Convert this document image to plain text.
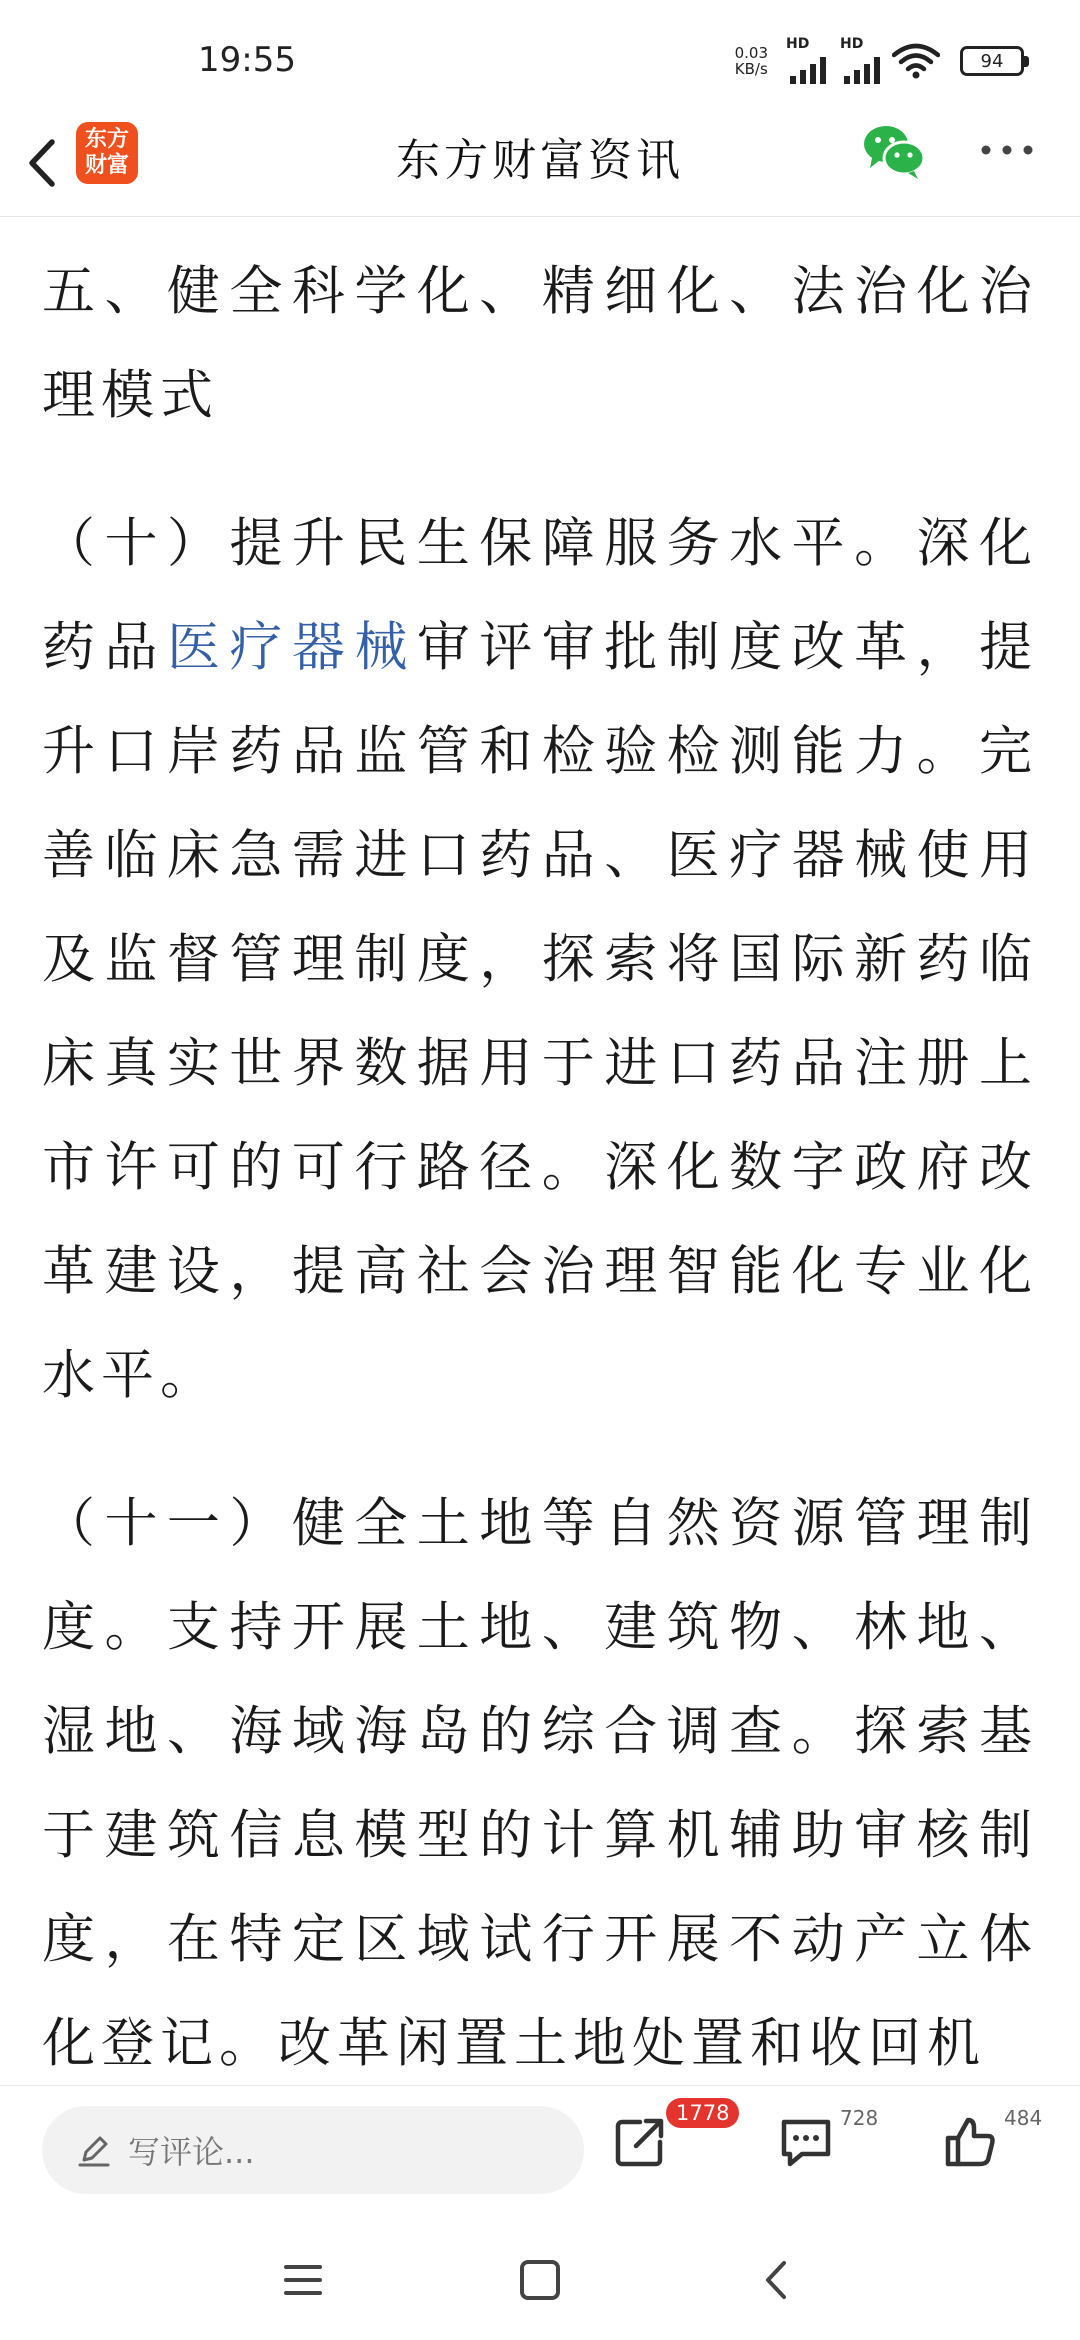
19:55	0.03
KB/s
HD HD
94
东方
财富	东方财富资讯

五、健全科学化、精细化、法治化治理模式

（十）提升民生保障服务水平。深化药品医疗器械审评审批制度改革，提升口岸药品监管和检验检测能力。完善临床急需进口药品、医疗器械使用及监督管理制度，探索将国际新药临床真实世界数据用于进口药品注册上市许可的可行路径。深化数字政府改革建设，提高社会治理智能化专业化水平。

（十一）健全土地等自然资源管理制度。支持开展土地、建筑物、林地、湿地、海域海岛的综合调查。探索基于建筑信息模型的计算机辅助审核制度，在特定区域试行开展不动产立体化登记。改革闲置土地处置和收回机

写评论...
1778	728	484
